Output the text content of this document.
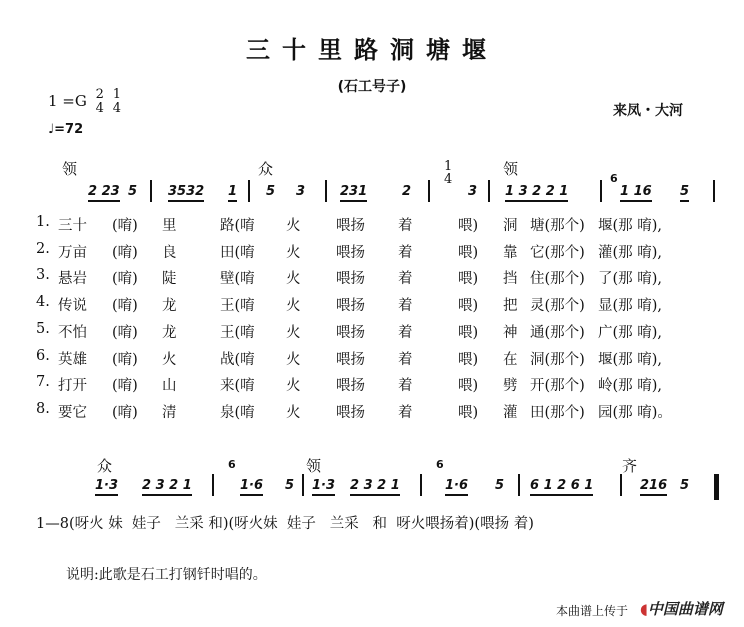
三十里路洞塘堰
(石工号子)
1 =G 2
4

1
4
♩=72
来凤・大河
领	众	领
1
4	6
众	领	齐
6	6
1—8(呀火 妹  娃子   兰采 和)(呀火妹  娃子   兰采   和  呀火喂扬着)(喂扬 着)
说明:此歌是石工打钢钎时唱的。
本曲谱上传于 ◖中国曲谱网
2 23 5 3532 1 5 3	231	2	3 1 3 2 2 1	1 16 5
1. 三十 (唷) 里	路(唷 火 喂扬 着	喂) 洞 塘(那个) 堰(那 唷),
2. 万亩 (唷) 良	田(唷 火 喂扬 着	喂) 靠 它(那个) 灌(那 唷),
3. 悬岩 (唷) 陡	壁(唷 火 喂扬 着	喂) 挡 住(那个) 了(那 唷),
4. 传说 (唷) 龙	王(唷 火 喂扬 着	喂) 把 灵(那个) 显(那 唷),
5. 不怕 (唷) 龙	王(唷 火 喂扬 着	喂) 神 通(那个) 广(那 唷),
6. 英雄 (唷) 火	战(唷 火 喂扬 着	喂) 在 洞(那个) 堰(那 唷),
7. 打开 (唷) 山	来(唷 火 喂扬 着	喂) 劈 开(那个) 岭(那 唷),
8. 要它 (唷) 清	泉(唷 火 喂扬 着	喂) 灌 田(那个) 园(那 唷)。
1·3 2 3 2 1	1·6 5 1·3 2 3 2 1	1·6 5 6 1 2 6 1	216 5
